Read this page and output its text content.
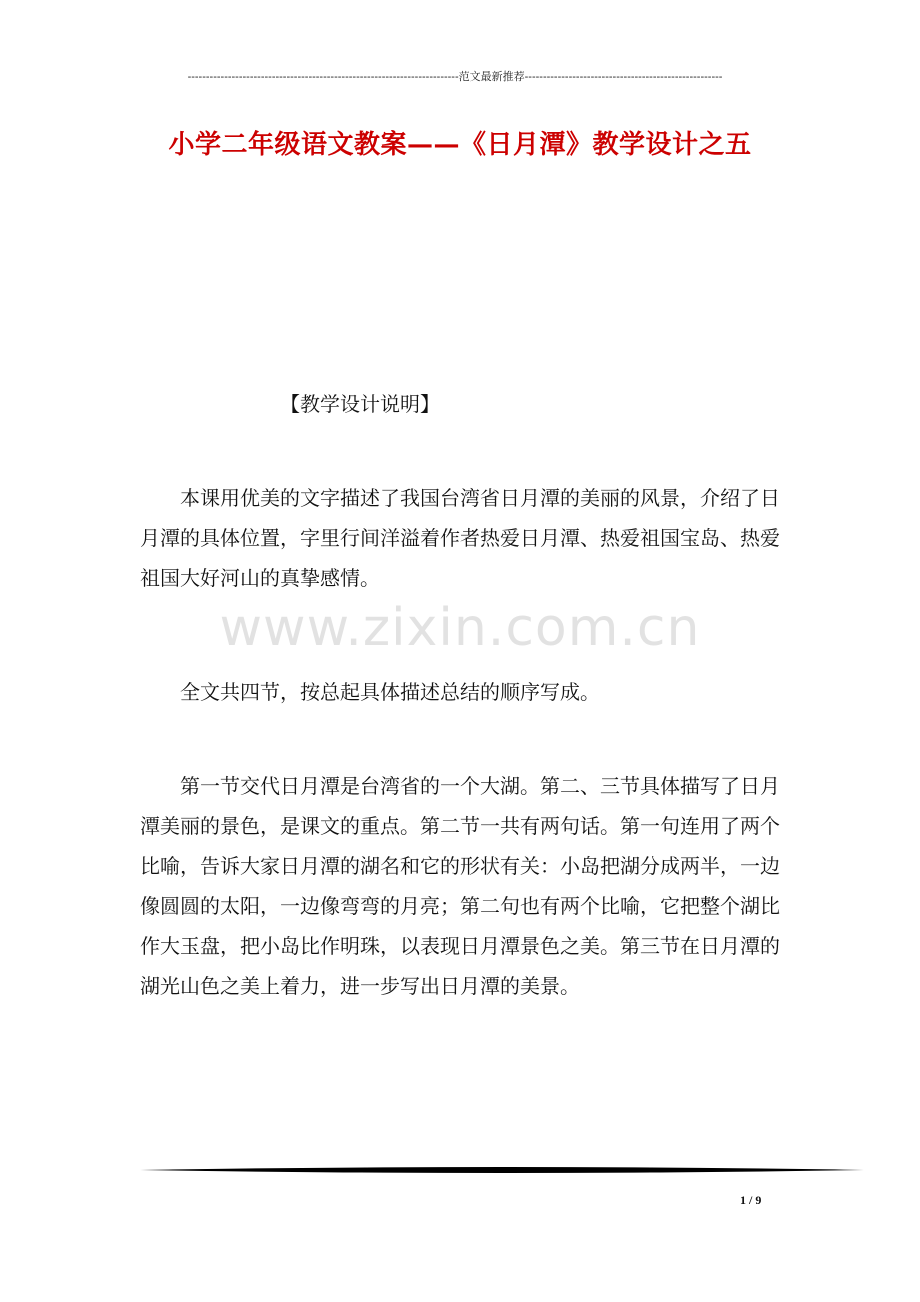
--------------------------------------------------------------------------范文最新推荐------------------------------------------------------
小学二年级语文教案——《日月潭》教学设计之五
【教学设计说明】

本课用优美的文字描述了我国台湾省日月潭的美丽的风景，介绍了日月潭的具体位置，字里行间洋溢着作者热爱日月潭、热爱祖国宝岛、热爱祖国大好河山的真挚感情。

全文共四节，按总起具体描述总结的顺序写成。

第一节交代日月潭是台湾省的一个大湖。第二、三节具体描写了日月潭美丽的景色，是课文的重点。第二节一共有两句话。第一句连用了两个比喻，告诉大家日月潭的湖名和它的形状有关：小岛把湖分成两半，一边像圆圆的太阳，一边像弯弯的月亮；第二句也有两个比喻，它把整个湖比作大玉盘，把小岛比作明珠，以表现日月潭景色之美。第三节在日月潭的湖光山色之美上着力，进一步写出日月潭的美景。

www.zixin.com.cn
1 / 9
